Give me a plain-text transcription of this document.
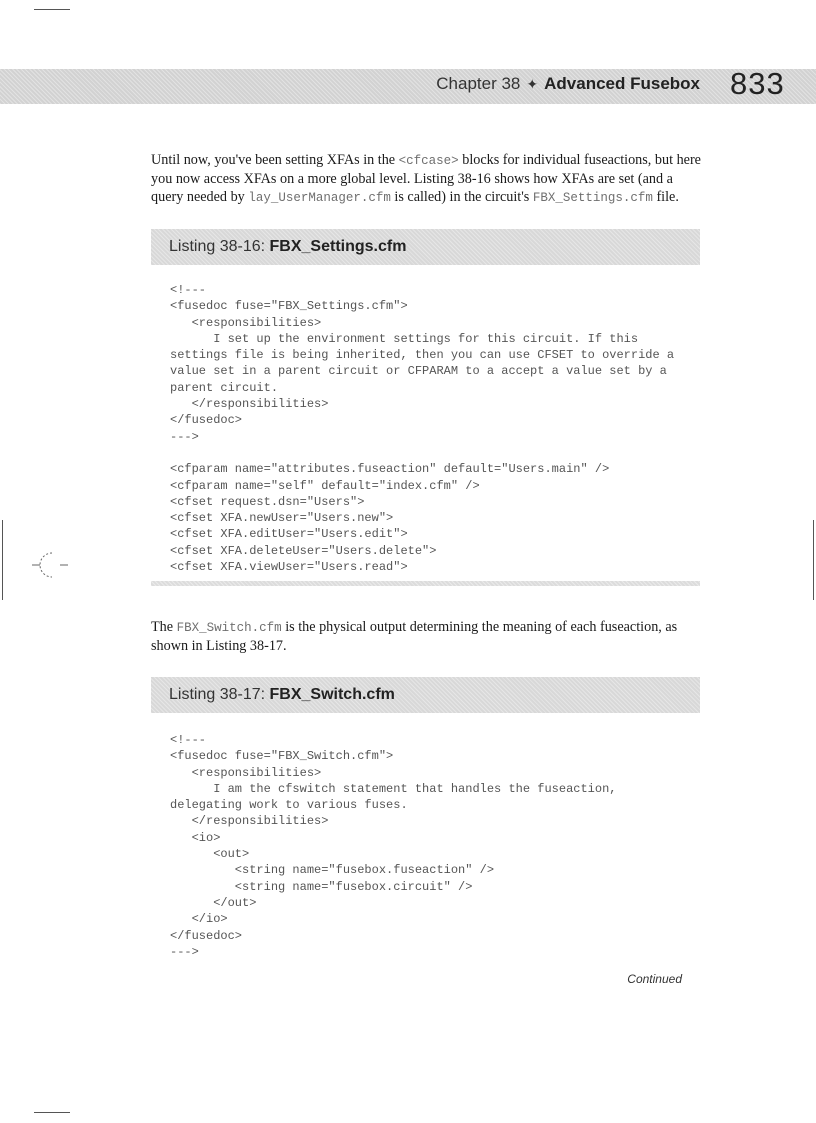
Chapter 38 ✦ Advanced Fusebox 833

Until now, you've been setting XFAs in the <cfcase> blocks for individual fuseactions, but here you now access XFAs on a more global level. Listing 38-16 shows how XFAs are set (and a query needed by lay_UserManager.cfm is called) in the circuit's FBX_Settings.cfm file.

Listing 38-16: FBX_Settings.cfm
<!---
<fusedoc fuse="FBX_Settings.cfm">
<responsibilities>
I set up the environment settings for this circuit. If this
settings file is being inherited, then you can use CFSET to override a
value set in a parent circuit or CFPARAM to a accept a value set by a
parent circuit.
</responsibilities>
</fusedoc>
--->

<cfparam name="attributes.fuseaction" default="Users.main" />
<cfparam name="self" default="index.cfm" />
<cfset request.dsn="Users">
<cfset XFA.newUser="Users.new">
<cfset XFA.editUser="Users.edit">
<cfset XFA.deleteUser="Users.delete">
<cfset XFA.viewUser="Users.read">

The FBX_Switch.cfm is the physical output determining the meaning of each fuseaction, as shown in Listing 38-17.

Listing 38-17: FBX_Switch.cfm
<!---
<fusedoc fuse="FBX_Switch.cfm">
<responsibilities>
I am the cfswitch statement that handles the fuseaction,
delegating work to various fuses.
</responsibilities>
<io>
<out>
<string name="fusebox.fuseaction" />
<string name="fusebox.circuit" />
</out>
</io>
</fusedoc>
--->
Continued
